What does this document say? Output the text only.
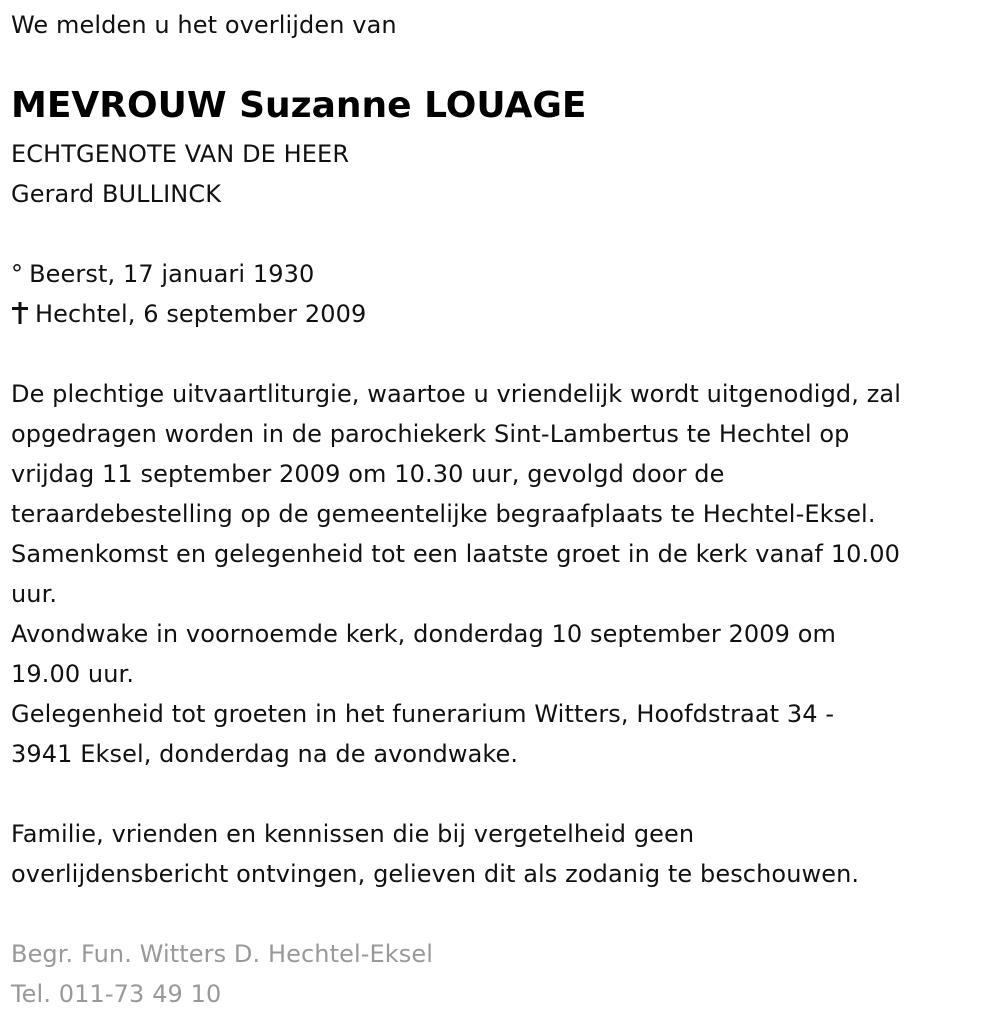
We melden u het overlijden van

MEVROUW Suzanne LOUAGE

ECHTGENOTE VAN DE HEER

Gerard BULLINCK

° Beerst, 17 januari 1930

Hechtel, 6 september 2009

De plechtige uitvaartliturgie, waartoe u vriendelijk wordt uitgenodigd, zal

opgedragen worden in de parochiekerk Sint-Lambertus te Hechtel op

vrijdag 11 september 2009 om 10.30 uur, gevolgd door de

teraardebestelling op de gemeentelijke begraafplaats te Hechtel-Eksel.

Samenkomst en gelegenheid tot een laatste groet in de kerk vanaf 10.00

uur.

Avondwake in voornoemde kerk, donderdag 10 september 2009 om

19.00 uur.

Gelegenheid tot groeten in het funerarium Witters, Hoofdstraat 34 -

3941 Eksel, donderdag na de avondwake.

Familie, vrienden en kennissen die bij vergetelheid geen

overlijdensbericht ontvingen, gelieven dit als zodanig te beschouwen.

Begr. Fun. Witters D. Hechtel-Eksel

Tel. 011-73 49 10
